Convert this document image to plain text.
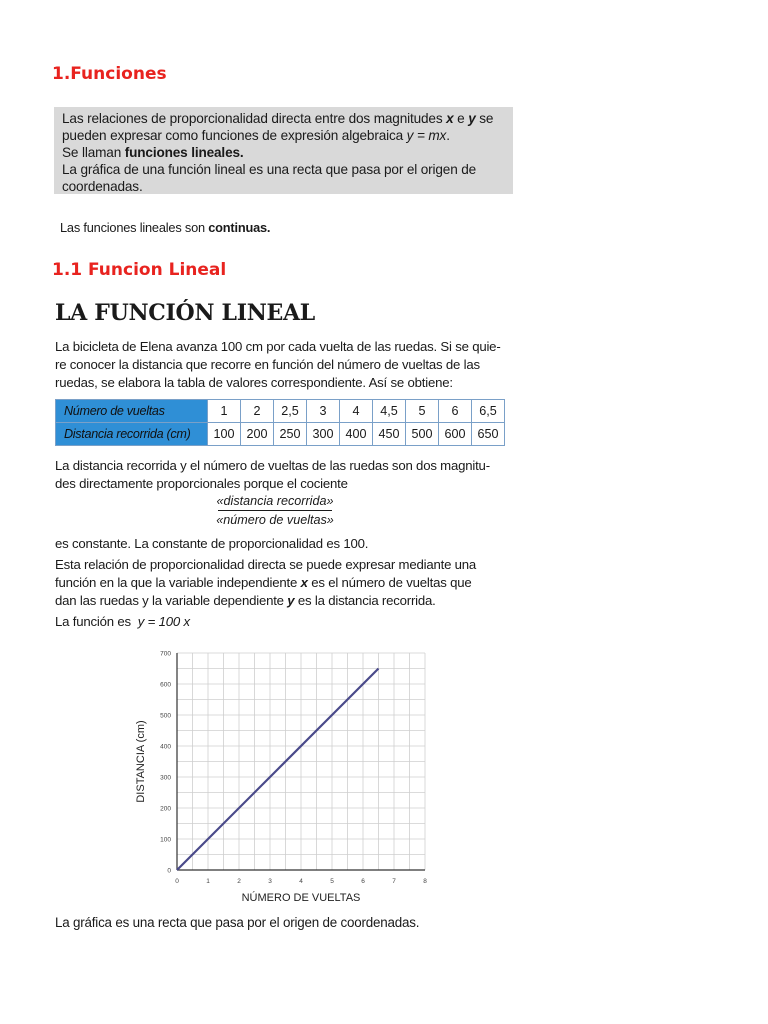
1.Funciones

Las relaciones de proporcionalidad directa entre dos magnitudes x e y se

pueden expresar como funciones de expresión algebraica y = mx.

Se llaman funciones lineales.

La gráfica de una función lineal es una recta que pasa por el origen de

coordenadas.

Las funciones lineales son continuas.
1.1 Funcion Lineal
LA FUNCIÓN LINEAL
La bicicleta de Elena avanza 100 cm por cada vuelta de las ruedas. Si se quie-
re conocer la distancia que recorre en función del número de vueltas de las
ruedas, se elabora la tabla de valores correspondiente. Así se obtiene:
Número de vueltas	1	2	2,5	3	4	4,5	5	6	6,5
Distancia recorrida (cm)	100	200	250	300	400	450	500	600	650
La distancia recorrida y el número de vueltas de las ruedas son dos magnitu-
des directamente proporcionales porque el cociente
«distancia recorrida»
«número de vueltas»
es constante. La constante de proporcionalidad es 100.
Esta relación de proporcionalidad directa se puede expresar mediante una
función en la que la variable independiente x es el número de vueltas que
dan las ruedas y la variable dependiente y es la distancia recorrida.
La función es y = 100 x
0	1	2	3	4	5	6	7	8
0
100
200
300
400
500
600
700
NÚMERO DE VUELTAS
DISTANCIA (cm)
La gráfica es una recta que pasa por el origen de coordenadas.
